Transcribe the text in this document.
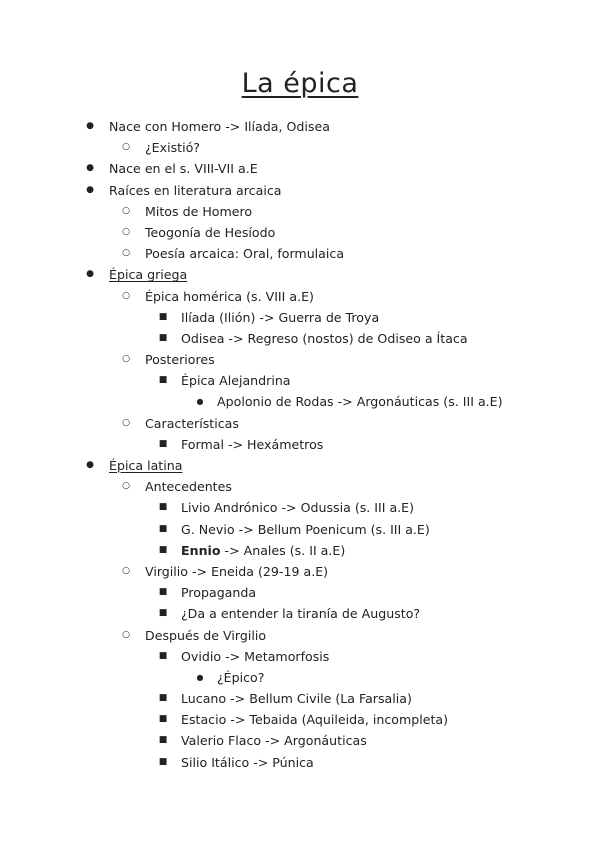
La épica
● Nace con Homero -> Ilíada, Odisea
○ ¿Existió?
● Nace en el s. VIII-VII a.E
● Raíces en literatura arcaica
○ Mitos de Homero
○ Teogonía de Hesíodo
○ Poesía arcaica: Oral, formulaica
● Épica griega
○ Épica homérica (s. VIII a.E)
■ Ilíada (Ilión) -> Guerra de Troya
■ Odisea -> Regreso (nostos) de Odiseo a Ítaca
○ Posteriores
■ Épica Alejandrina
● Apolonio de Rodas -> Argonáuticas (s. III a.E)
○ Características
■ Formal -> Hexámetros
● Épica latina
○ Antecedentes
■ Livio Andrónico -> Odussia (s. III a.E)
■ G. Nevio -> Bellum Poenicum (s. III a.E)
■ Ennio -> Anales (s. II a.E)
○ Virgilio -> Eneida (29-19 a.E)
■ Propaganda
■ ¿Da a entender la tiranía de Augusto?
○ Después de Virgilio
■ Ovidio -> Metamorfosis
● ¿Épico?
■ Lucano -> Bellum Civile (La Farsalia)
■ Estacio -> Tebaida (Aquileida, incompleta)
■ Valerio Flaco -> Argonáuticas
■ Silio Itálico -> Púnica
